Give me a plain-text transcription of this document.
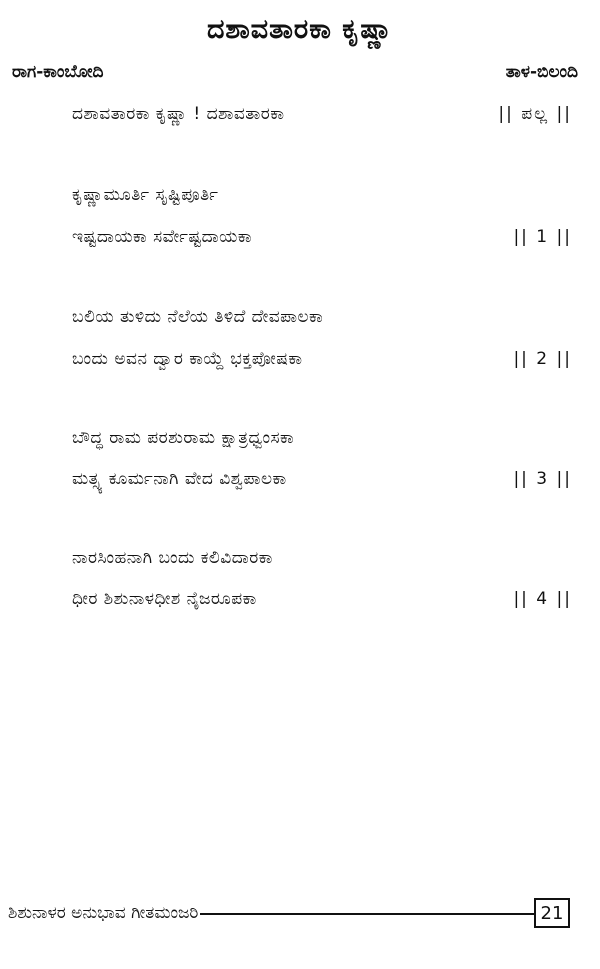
ದಶಾವತಾರಕಾ ಕೃಷ್ಣಾ
ರಾಗ-ಕಾಂಬೋದಿ	ತಾಳ-ಬಿಲಂದಿ
ದಶಾವತಾರಕಾ ಕೃಷ್ಣಾ ! ದಶಾವತಾರಕಾ	|| ಪಲ್ಲ ||
ಕೃಷ್ಣಾಮೂರ್ತಿ ಸೃಷ್ಟಿಪೂರ್ತಿ
ಇಷ್ಟದಾಯಕಾ ಸರ್ವೇಷ್ಟದಾಯಕಾ	|| 1 ||
ಬಲಿಯ ತುಳಿದು ನೆಲೆಯ ತಿಳಿದೆ ದೇವಪಾಲಕಾ
ಬಂದು ಅವನ ದ್ವಾರ ಕಾಯ್ದೆ ಭಕ್ತಪೋಷಕಾ	|| 2 ||
ಬೌದ್ಧ ರಾಮ ಪರಶುರಾಮ ಕ್ಷಾತ್ರಧ್ವಂಸಕಾ
ಮತ್ಸ್ಯ ಕೂರ್ಮನಾಗಿ ವೇದ ವಿಶ್ವಪಾಲಕಾ	|| 3 ||
ನಾರಸಿಂಹನಾಗಿ ಬಂದು ಕಲಿವಿದಾರಕಾ
ಧೀರ ಶಿಶುನಾಳಧೀಶ ನೈಜರೂಪಕಾ	|| 4 ||
ಶಿಶುನಾಳರ ಅನುಭಾವ ಗೀತಮಂಜರಿ	21
